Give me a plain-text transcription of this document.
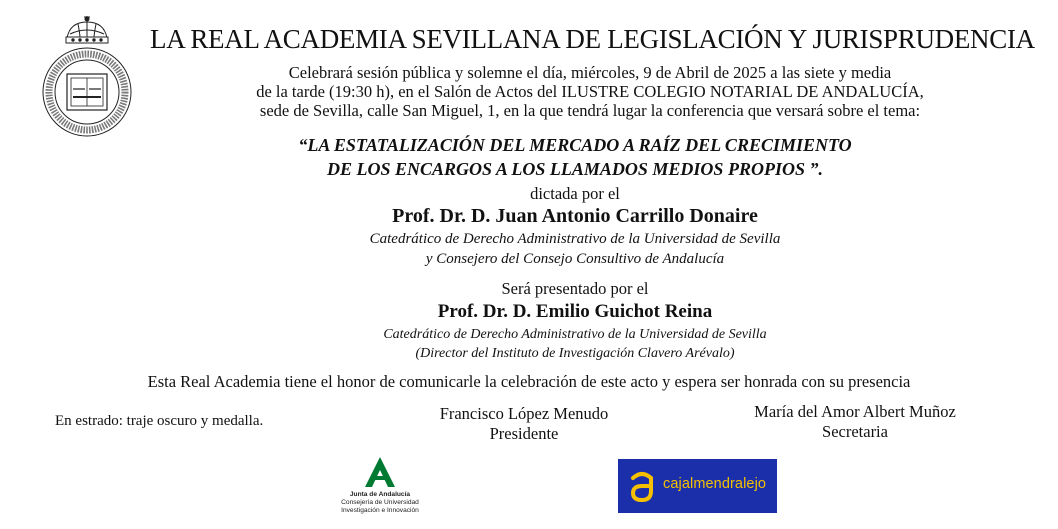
LA REAL ACADEMIA SEVILLANA DE LEGISLACIÓN Y JURISPRUDENCIA
Celebrará sesión pública y solemne el día, miércoles, 9 de Abril de 2025 a las siete y media
de la tarde (19:30 h), en el Salón de Actos del ILUSTRE COLEGIO NOTARIAL DE ANDALUCÍA,
sede de Sevilla, calle San Miguel, 1, en la que tendrá lugar la conferencia que versará sobre el tema:
“LA ESTATALIZACIÓN DEL MERCADO A RAÍZ DEL CRECIMIENTO
DE LOS ENCARGOS A LOS LLAMADOS MEDIOS PROPIOS ”.
dictada por el
Prof. Dr. D. Juan Antonio Carrillo Donaire
Catedrático de Derecho Administrativo de la Universidad de Sevilla
y Consejero del Consejo Consultivo de Andalucía
Será presentado por el
Prof. Dr. D. Emilio Guichot Reina
Catedrático de Derecho Administrativo de la Universidad de Sevilla
(Director del Instituto de Investigación Clavero Arévalo)
Esta Real Academia tiene el honor de comunicarle la celebración de este acto y espera ser honrada con su presencia
En estrado: traje oscuro y medalla.	Francisco López Menudo
Presidente
María del Amor Albert Muñoz
Secretaria
Junta de Andalucía
Consejería de Universidad
Investigación e Innovación
cajalmendralejo
